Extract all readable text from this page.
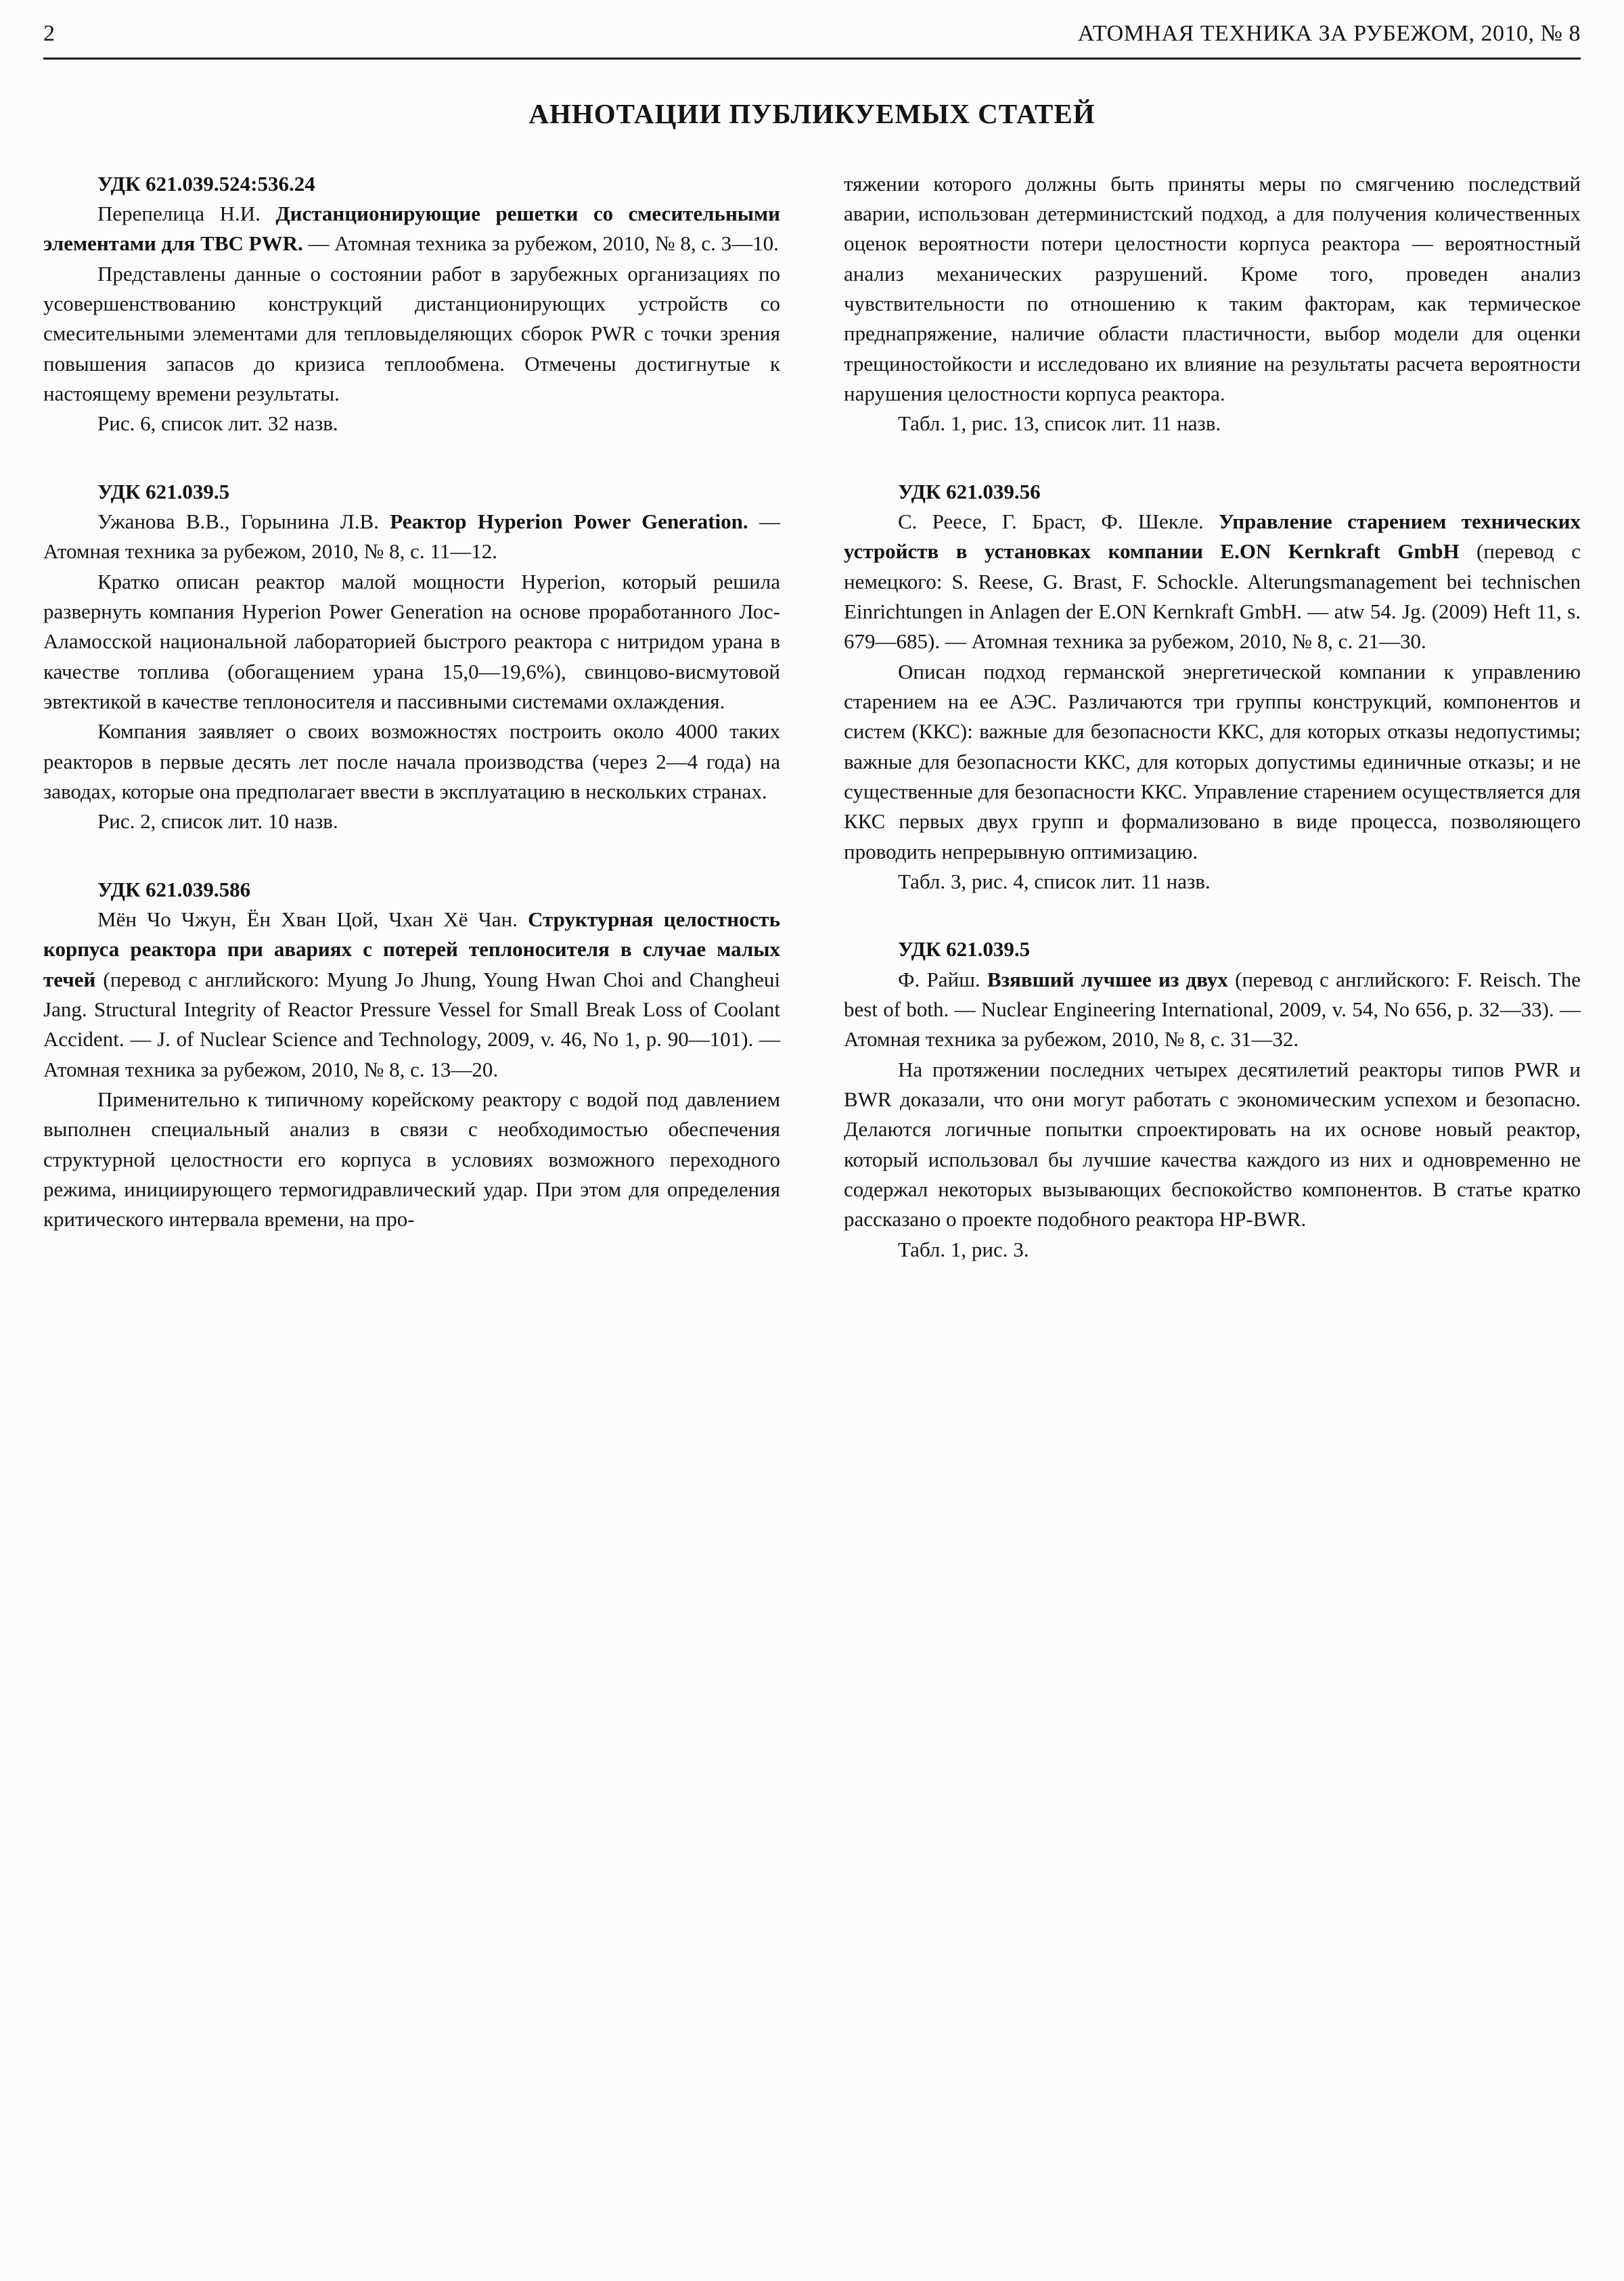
2	АТОМНАЯ ТЕХНИКА ЗА РУБЕЖОМ, 2010, № 8
АННОТАЦИИ ПУБЛИКУЕМЫХ СТАТЕЙ

УДК 621.039.524:536.24

Перепелица Н.И. Дистанционирующие решетки со смесительными элементами для ТВС PWR. — Атомная техника за рубежом, 2010, № 8, с. 3—10.

Представлены данные о состоянии работ в зарубежных организациях по усовершенствованию конструкций дистанционирующих устройств со смесительными элементами для тепловыделяющих сборок PWR с точки зрения повышения запасов до кризиса теплообмена. Отмечены достигнутые к настоящему времени результаты.

Рис. 6, список лит. 32 назв.

УДК 621.039.5

Ужанова В.В., Горынина Л.В. Реактор Hyperion Power Generation. — Атомная техника за рубежом, 2010, № 8, с. 11—12.

Кратко описан реактор малой мощности Hyperion, который решила развернуть компания Hyperion Power Generation на основе проработанного Лос-Аламосской национальной лабораторией быстрого реактора с нитридом урана в качестве топлива (обогащением урана 15,0—19,6%), свинцово-висмутовой эвтектикой в качестве теплоносителя и пассивными системами охлаждения.

Компания заявляет о своих возможностях построить около 4000 таких реакторов в первые десять лет после начала производства (через 2—4 года) на заводах, которые она предполагает ввести в эксплуатацию в нескольких странах.

Рис. 2, список лит. 10 назв.

УДК 621.039.586

Мён Чо Чжун, Ён Хван Цой, Чхан Хё Чан. Структурная целостность корпуса реактора при авариях с потерей теплоносителя в случае малых течей (перевод с английского: Myung Jo Jhung, Young Hwan Choi and Changheui Jang. Structural Integrity of Reactor Pressure Vessel for Small Break Loss of Coolant Accident. — J. of Nuclear Science and Technology, 2009, v. 46, No 1, p. 90—101). — Атомная техника за рубежом, 2010, № 8, с. 13—20.

Применительно к типичному корейскому реактору с водой под давлением выполнен специальный анализ в связи с необходимостью обеспечения структурной целостности его корпуса в условиях возможного переходного режима, инициирующего термогидравлический удар. При этом для определения критического интервала времени, на про-

тяжении которого должны быть приняты меры по смягчению последствий аварии, использован детерминистский подход, а для получения количественных оценок вероятности потери целостности корпуса реактора — вероятностный анализ механических разрушений. Кроме того, проведен анализ чувствительности по отношению к таким факторам, как термическое преднапряжение, наличие области пластичности, выбор модели для оценки трещиностойкости и исследовано их влияние на результаты расчета вероятности нарушения целостности корпуса реактора.

Табл. 1, рис. 13, список лит. 11 назв.

УДК 621.039.56

С. Реесе, Г. Браст, Ф. Шекле. Управление старением технических устройств в установках компании E.ON Kernkraft GmbH (перевод с немецкого: S. Reese, G. Brast, F. Schockle. Alterungsmanagement bei technischen Einrichtungen in Anlagen der E.ON Kernkraft GmbH. — atw 54. Jg. (2009) Heft 11, s. 679—685). — Атомная техника за рубежом, 2010, № 8, с. 21—30.

Описан подход германской энергетической компании к управлению старением на ее АЭС. Различаются три группы конструкций, компонентов и систем (ККС): важные для безопасности ККС, для которых отказы недопустимы; важные для безопасности ККС, для которых допустимы единичные отказы; и не существенные для безопасности ККС. Управление старением осуществляется для ККС первых двух групп и формализовано в виде процесса, позволяющего проводить непрерывную оптимизацию.

Табл. 3, рис. 4, список лит. 11 назв.

УДК 621.039.5

Ф. Райш. Взявший лучшее из двух (перевод с английского: F. Reisch. The best of both. — Nuclear Engineering International, 2009, v. 54, No 656, p. 32—33). — Атомная техника за рубежом, 2010, № 8, с. 31—32.

На протяжении последних четырех десятилетий реакторы типов PWR и BWR доказали, что они могут работать с экономическим успехом и безопасно. Делаются логичные попытки спроектировать на их основе новый реактор, который использовал бы лучшие качества каждого из них и одновременно не содержал некоторых вызывающих беспокойство компонентов. В статье кратко рассказано о проекте подобного реактора HP-BWR.

Табл. 1, рис. 3.
